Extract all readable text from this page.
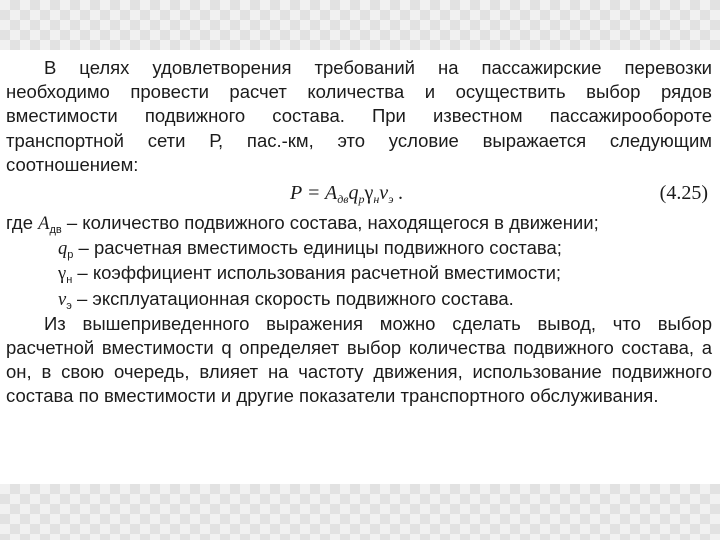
В целях удовлетворения требований на пассажирские перевозки необходимо провести расчет количества и осуществить выбор рядов вместимости подвижного состава. При известном пассажирообороте транспортной сети Р, пас.-км, это условие выражается следующим соотношением:

$P = A_{дв}q_р\gamma_нv_э$ .	(4.25)
где $A_{дв}$ – количество подвижного состава, находящегося в движении;
$q_р$ – расчетная вместимость единицы подвижного состава;
$\gamma_н$ – коэффициент использования расчетной вместимости;
$v_э$ – эксплуатационная скорость подвижного состава.

Из вышеприведенного выражения можно сделать вывод, что выбор расчетной вместимости q определяет выбор количества подвижного состава, а он, в свою очередь, влияет на частоту движения, использование подвижного состава по вместимости и другие показатели транспортного обслуживания.
